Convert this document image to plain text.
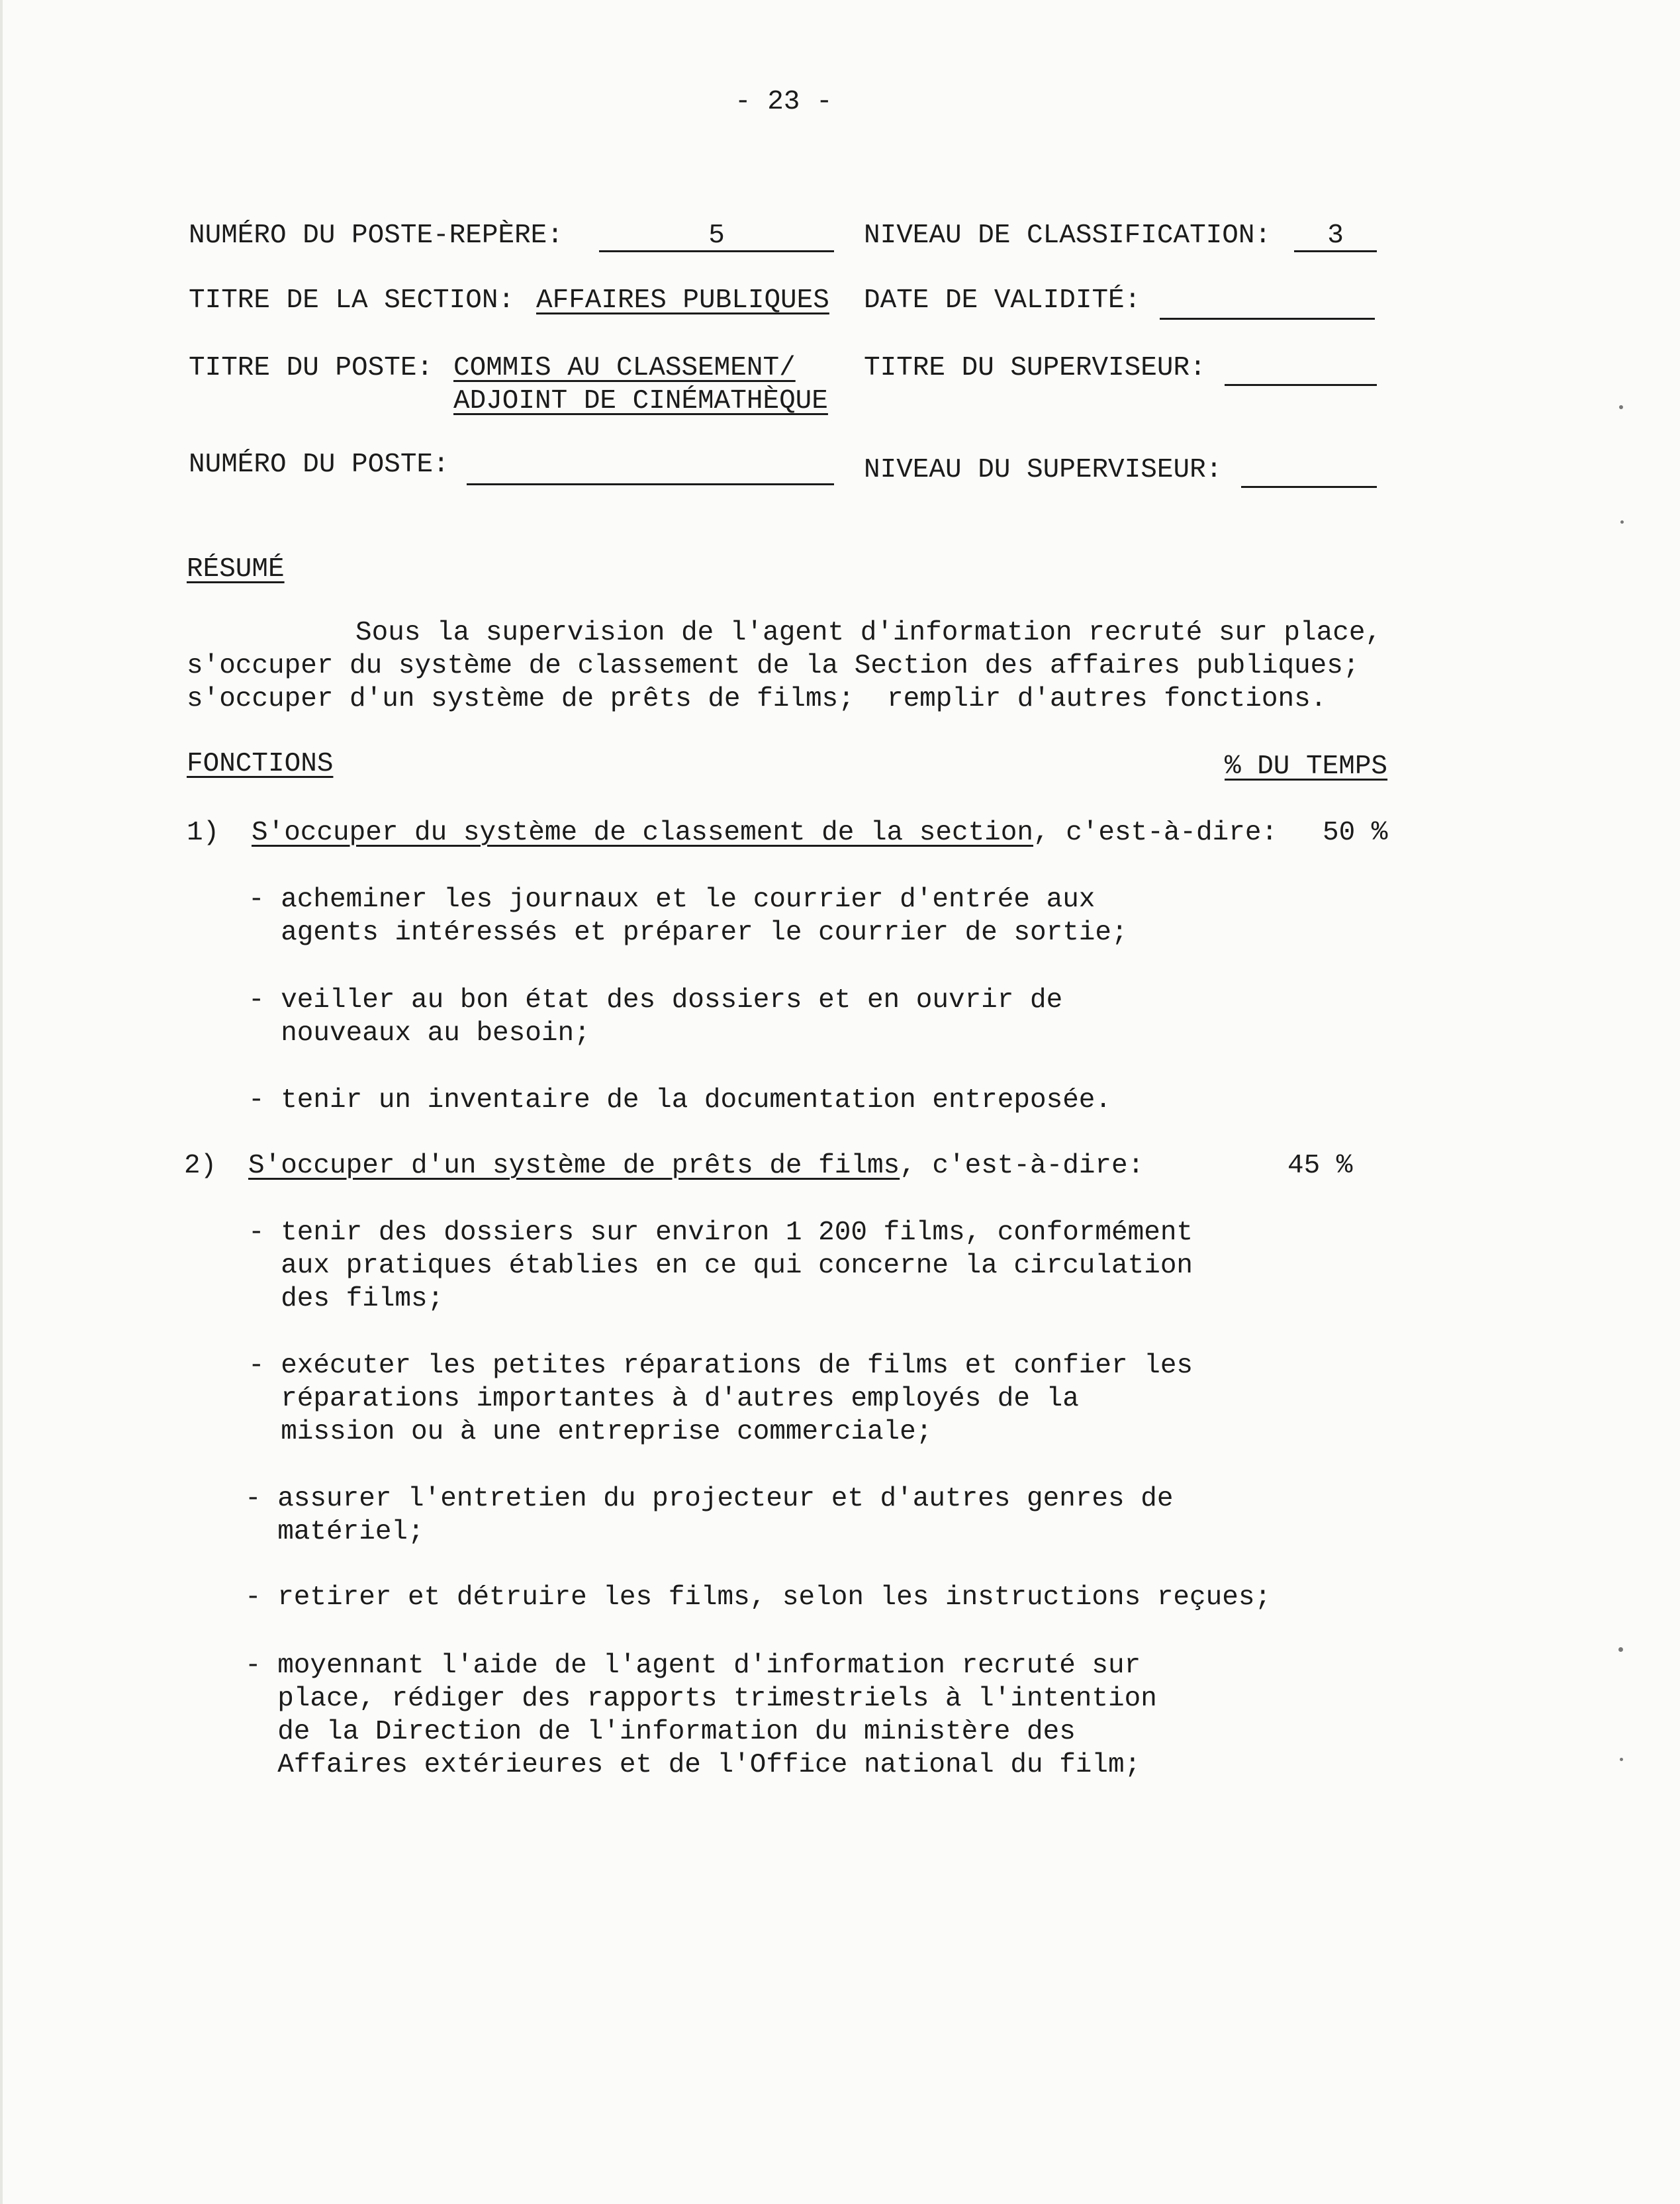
- 23 -
NUMÉRO DU POSTE-REPÈRE:	5	NIVEAU DE CLASSIFICATION:	3
TITRE DE LA SECTION: AFFAIRES PUBLIQUES DATE DE VALIDITÉ:
TITRE DU POSTE: COMMIS AU CLASSEMENT/
ADJOINT DE CINÉMATHÈQUE
TITRE DU SUPERVISEUR:
NUMÉRO DU POSTE:	NIVEAU DU SUPERVISEUR:
RÉSUMÉ
Sous la supervision de l'agent d'information recruté sur place,
s'occuper du système de classement de la Section des affaires publiques;
s'occuper d'un système de prêts de films;  remplir d'autres fonctions.
FONCTIONS	% DU TEMPS
1) S'occuper du système de classement de la section, c'est-à-dire: 50 %
- acheminer les journaux et le courrier d'entrée aux
agents intéressés et préparer le courrier de sortie;
- veiller au bon état des dossiers et en ouvrir de
nouveaux au besoin;
- tenir un inventaire de la documentation entreposée.
2) S'occuper d'un système de prêts de films, c'est-à-dire:	45 %
- tenir des dossiers sur environ 1 200 films, conformément
aux pratiques établies en ce qui concerne la circulation
des films;
- exécuter les petites réparations de films et confier les
réparations importantes à d'autres employés de la
mission ou à une entreprise commerciale;
- assurer l'entretien du projecteur et d'autres genres de
matériel;
- retirer et détruire les films, selon les instructions reçues;
- moyennant l'aide de l'agent d'information recruté sur
place, rédiger des rapports trimestriels à l'intention
de la Direction de l'information du ministère des
Affaires extérieures et de l'Office national du film;
